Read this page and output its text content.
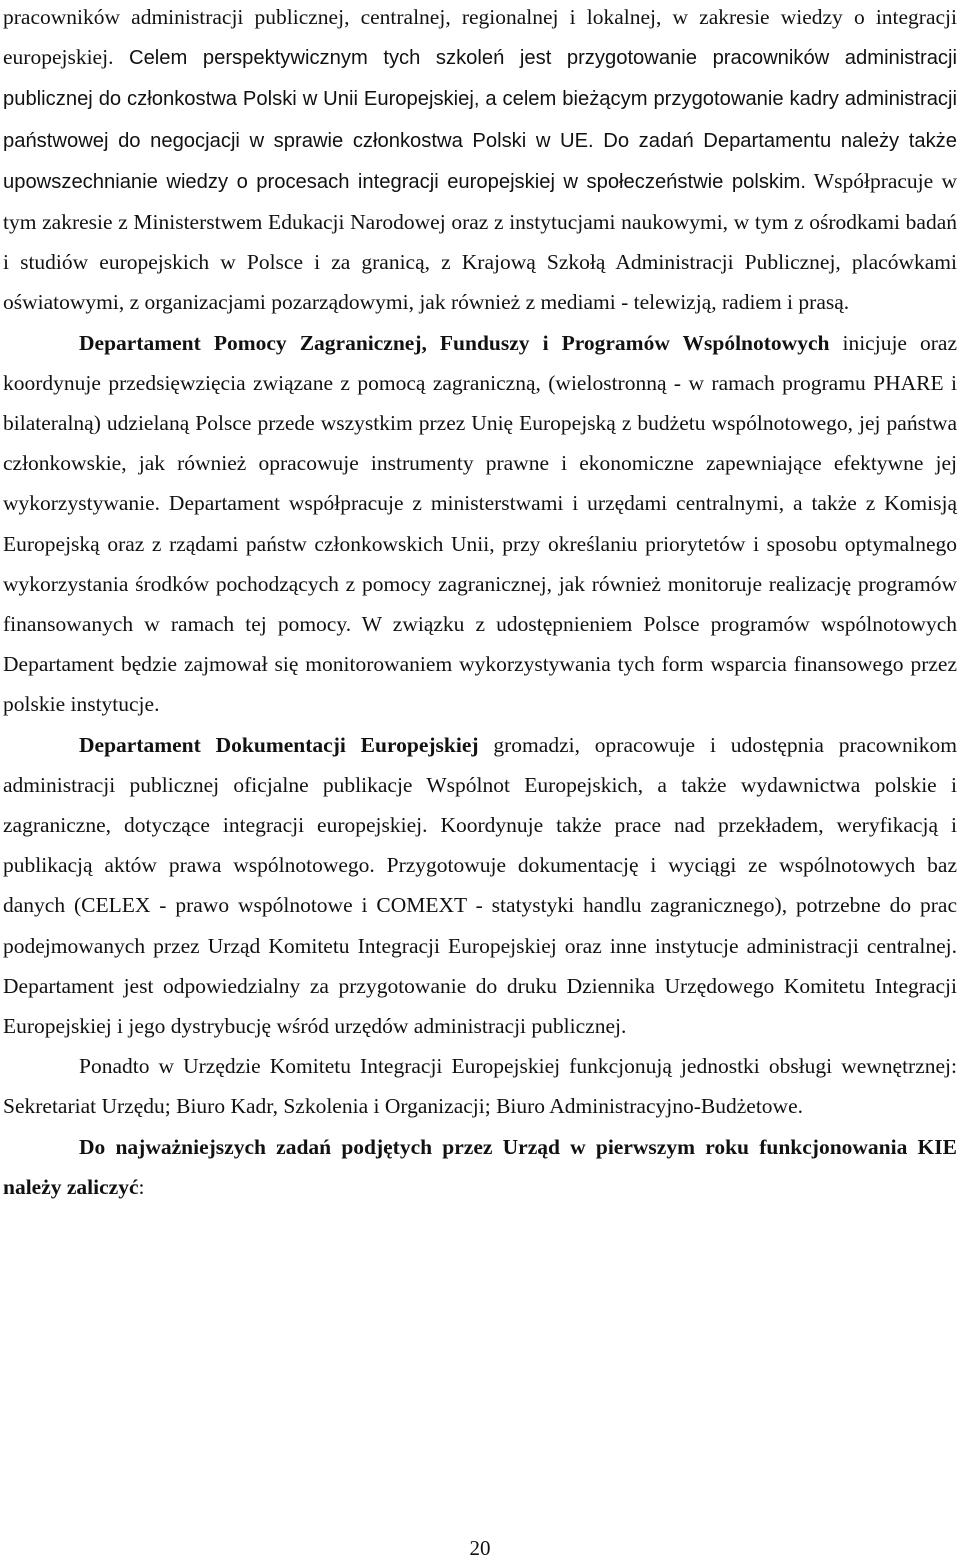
pracowników administracji publicznej, centralnej, regionalnej i lokalnej, w zakresie wiedzy o integracji europejskiej. Celem perspektywicznym tych szkoleń jest przygotowanie pracowników administracji publicznej do członkostwa Polski w Unii Europejskiej, a celem bieżącym przygotowanie kadry administracji państwowej do negocjacji w sprawie członkostwa Polski w UE. Do zadań Departamentu należy także upowszechnianie wiedzy o procesach integracji europejskiej w społeczeństwie polskim. Współpracuje w tym zakresie z Ministerstwem Edukacji Narodowej oraz z instytucjami naukowymi, w tym z ośrodkami badań i studiów europejskich w Polsce i za granicą, z Krajową Szkołą Administracji Publicznej, placówkami oświatowymi, z organizacjami pozarządowymi, jak również z mediami - telewizją, radiem i prasą.

Departament Pomocy Zagranicznej, Funduszy i Programów Wspólnotowych inicjuje oraz koordynuje przedsięwzięcia związane z pomocą zagraniczną, (wielostronną - w ramach programu PHARE i bilateralną) udzielaną Polsce przede wszystkim przez Unię Europejską z budżetu wspólnotowego, jej państwa członkowskie, jak również opracowuje instrumenty prawne i ekonomiczne zapewniające efektywne jej wykorzystywanie. Departament współpracuje z ministerstwami i urzędami centralnymi, a także z Komisją Europejską oraz z rządami państw członkowskich Unii, przy określaniu priorytetów i sposobu optymalnego wykorzystania środków pochodzących z pomocy zagranicznej, jak również monitoruje realizację programów finansowanych w ramach tej pomocy. W związku z udostępnieniem Polsce programów wspólnotowych Departament będzie zajmował się monitorowaniem wykorzystywania tych form wsparcia finansowego przez polskie instytucje.

Departament Dokumentacji Europejskiej gromadzi, opracowuje i udostępnia pracownikom administracji publicznej oficjalne publikacje Wspólnot Europejskich, a także wydawnictwa polskie i zagraniczne, dotyczące integracji europejskiej. Koordynuje także prace nad przekładem, weryfikacją i publikacją aktów prawa wspólnotowego. Przygotowuje dokumentację i wyciągi ze wspólnotowych baz danych (CELEX - prawo wspólnotowe i COMEXT - statystyki handlu zagranicznego), potrzebne do prac podejmowanych przez Urząd Komitetu Integracji Europejskiej oraz inne instytucje administracji centralnej. Departament jest odpowiedzialny za przygotowanie do druku Dziennika Urzędowego Komitetu Integracji Europejskiej i jego dystrybucję wśród urzędów administracji publicznej.

Ponadto w Urzędzie Komitetu Integracji Europejskiej funkcjonują jednostki obsługi wewnętrznej: Sekretariat Urzędu; Biuro Kadr, Szkolenia i Organizacji; Biuro Administracyjno-Budżetowe.

Do najważniejszych zadań podjętych przez Urząd w pierwszym roku funkcjonowania KIE należy zaliczyć:

20
